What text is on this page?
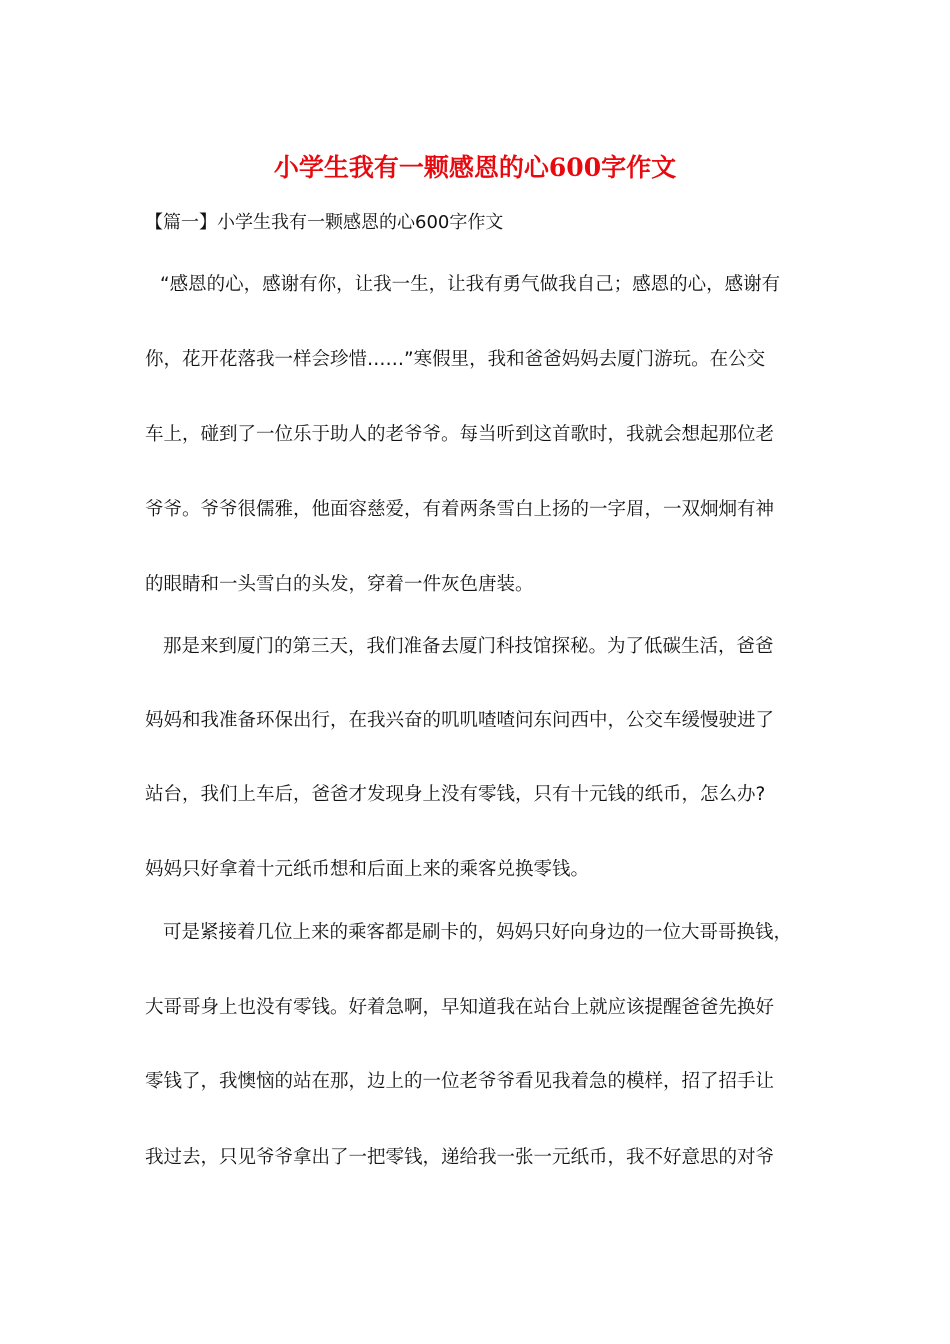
小学生我有一颗感恩的心600字作文

【篇一】小学生我有一颗感恩的心600字作文

“感恩的心，感谢有你，让我一生，让我有勇气做我自己；感恩的心，感谢有

你，花开花落我一样会珍惜……”寒假里，我和爸爸妈妈去厦门游玩。在公交

车上，碰到了一位乐于助人的老爷爷。每当听到这首歌时，我就会想起那位老

爷爷。爷爷很儒雅，他面容慈爱，有着两条雪白上扬的一字眉，一双炯炯有神

的眼睛和一头雪白的头发，穿着一件灰色唐装。

那是来到厦门的第三天，我们准备去厦门科技馆探秘。为了低碳生活，爸爸

妈妈和我准备环保出行，在我兴奋的叽叽喳喳问东问西中，公交车缓慢驶进了

站台，我们上车后，爸爸才发现身上没有零钱，只有十元钱的纸币，怎么办?

妈妈只好拿着十元纸币想和后面上来的乘客兑换零钱。

可是紧接着几位上来的乘客都是刷卡的，妈妈只好向身边的一位大哥哥换钱，

大哥哥身上也没有零钱。好着急啊，早知道我在站台上就应该提醒爸爸先换好

零钱了，我懊恼的站在那，边上的一位老爷爷看见我着急的模样，招了招手让

我过去，只见爷爷拿出了一把零钱，递给我一张一元纸币，我不好意思的对爷
